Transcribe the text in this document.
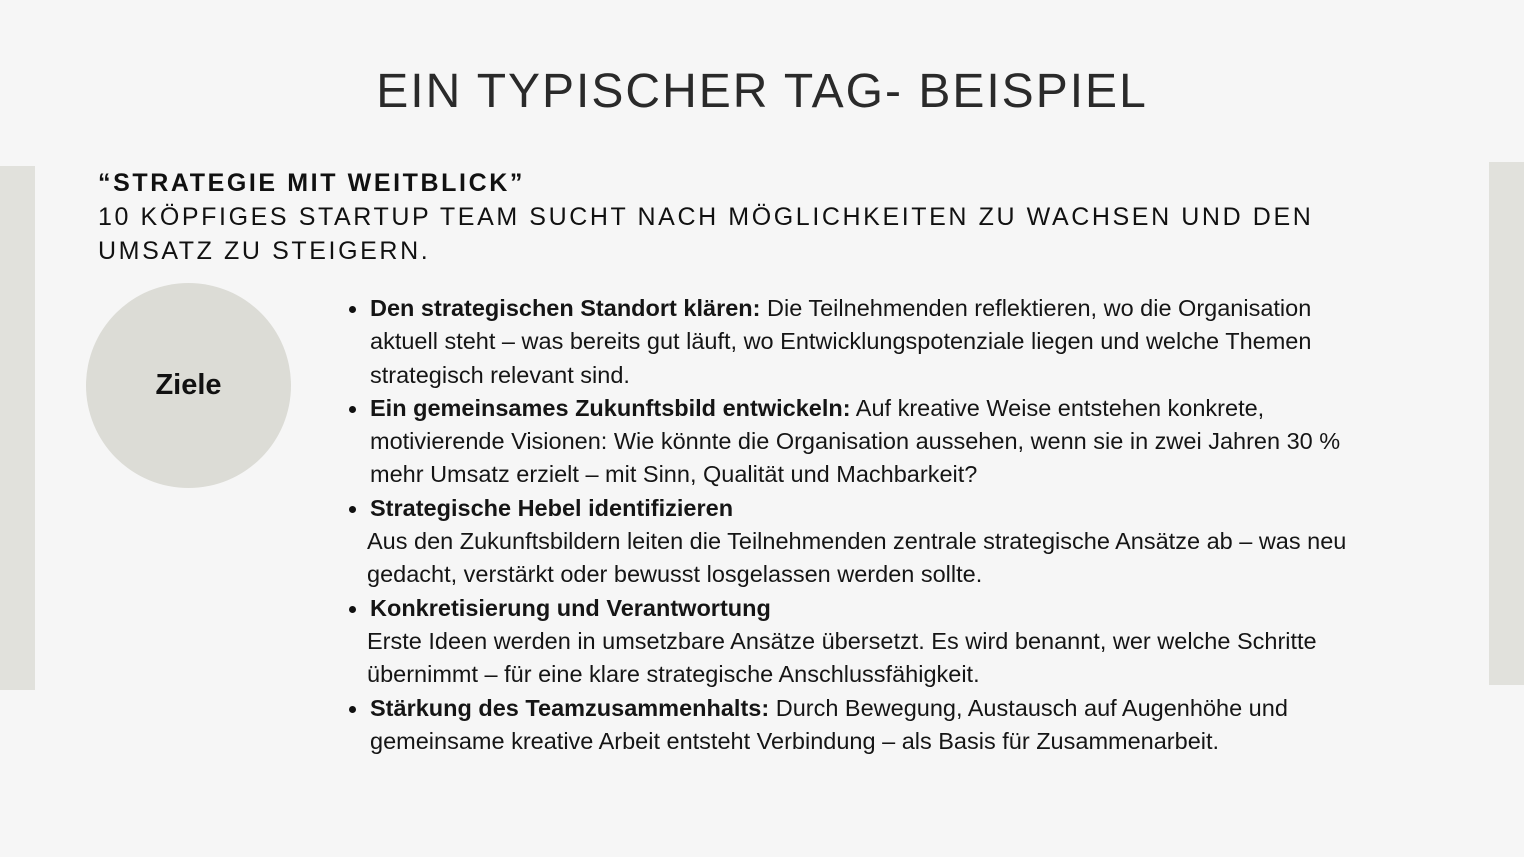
EIN TYPISCHER TAG- BEISPIEL
“STRATEGIE MIT WEITBLICK”
10 KÖPFIGES STARTUP TEAM SUCHT NACH MÖGLICHKEITEN ZU WACHSEN UND DEN UMSATZ ZU STEIGERN.
Ziele
Den strategischen Standort klären: Die Teilnehmenden reflektieren, wo die Organisation aktuell steht – was bereits gut läuft, wo Entwicklungspotenziale liegen und welche Themen strategisch relevant sind.
Ein gemeinsames Zukunftsbild entwickeln: Auf kreative Weise entstehen konkrete, motivierende Visionen: Wie könnte die Organisation aussehen, wenn sie in zwei Jahren 30 % mehr Umsatz erzielt – mit Sinn, Qualität und Machbarkeit?
Strategische Hebel identifizieren
Aus den Zukunftsbildern leiten die Teilnehmenden zentrale strategische Ansätze ab – was neu gedacht, verstärkt oder bewusst losgelassen werden sollte.
Konkretisierung und Verantwortung
Erste Ideen werden in umsetzbare Ansätze übersetzt. Es wird benannt, wer welche Schritte übernimmt – für eine klare strategische Anschlussfähigkeit.
Stärkung des Teamzusammenhalts: Durch Bewegung, Austausch auf Augenhöhe und gemeinsame kreative Arbeit entsteht Verbindung – als Basis für Zusammenarbeit.
